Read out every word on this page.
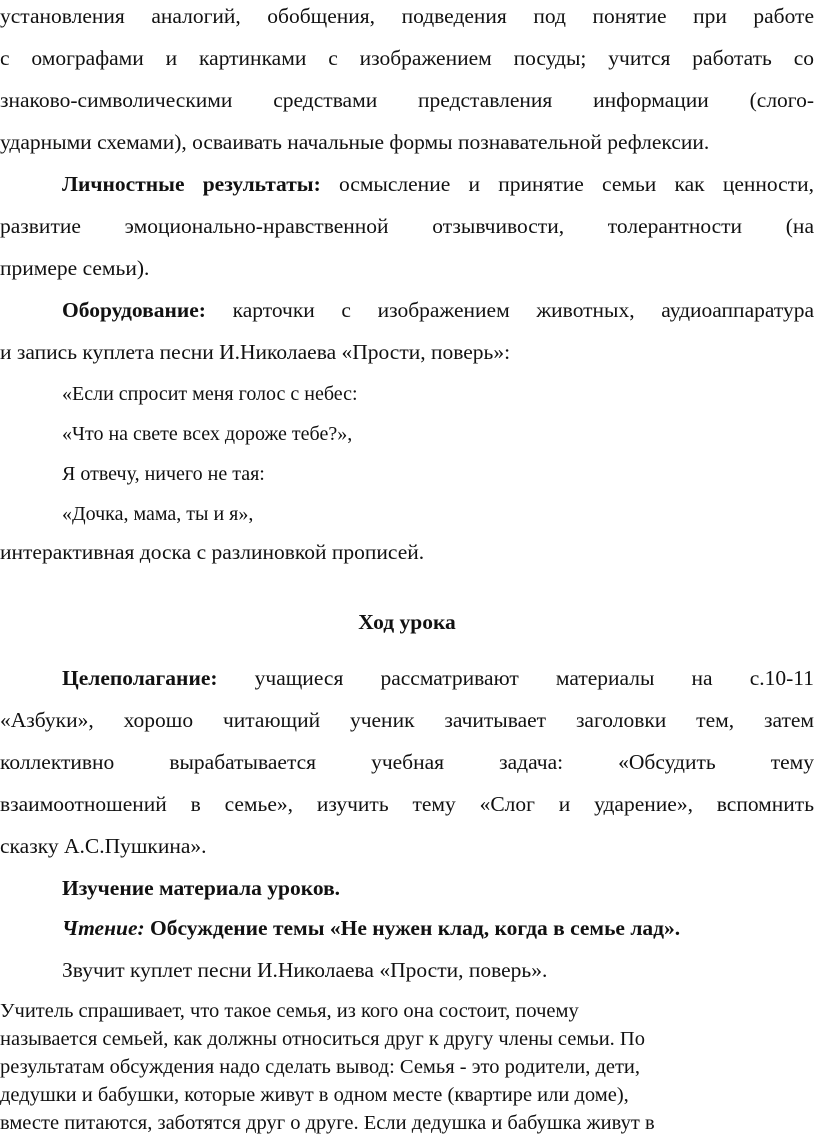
установления аналогий, обобщения, подведения под понятие при работе
с омографами и картинками с изображением посуды; учится работать со
знаково-символическими средствами представления информации (слого-
ударными схемами), осваивать начальные формы познавательной рефлексии.
Личностные результаты: осмысление и принятие семьи как ценности,
развитие эмоционально-нравственной отзывчивости, толерантности (на
примере семьи).
Оборудование: карточки с изображением животных, аудиоаппаратура
и запись куплета песни И.Николаева «Прости, поверь»:
«Если спросит меня голос с небес:
«Что на свете всех дороже тебе?»,
Я отвечу, ничего не тая:
«Дочка, мама, ты и я»,
интерактивная доска с разлиновкой прописей.
Ход урока
Целеполагание: учащиеся рассматривают материалы на с.10-11
«Азбуки», хорошо читающий ученик зачитывает заголовки тем, затем
коллективно вырабатывается учебная задача: «Обсудить тему
взаимоотношений в семье», изучить тему «Слог и ударение», вспомнить
сказку А.С.Пушкина».
Изучение материала уроков.
Чтение: Обсуждение темы «Не нужен клад, когда в семье лад».
Звучит куплет песни И.Николаева «Прости, поверь».
Учитель спрашивает, что такое семья, из кого она состоит, почему
называется семьей, как должны относиться друг к другу члены семьи. По
результатам обсуждения надо сделать вывод: Семья - это родители, дети,
дедушки и бабушки, которые живут в одном месте (квартире или доме),
вместе питаются, заботятся друг о друге. Если дедушка и бабушка живут в
